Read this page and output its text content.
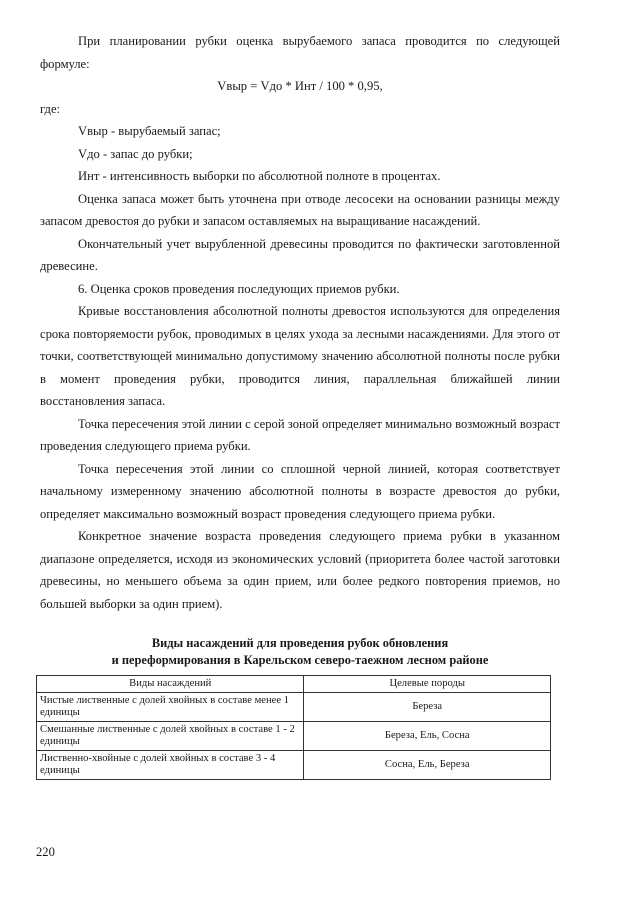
При планировании рубки оценка вырубаемого запаса проводится по следующей формуле:

Vвыр = Vдо * Инт / 100 * 0,95,

где:

Vвыр - вырубаемый запас;

Vдо - запас до рубки;

Инт - интенсивность выборки по абсолютной полноте в процентах.

Оценка запаса может быть уточнена при отводе лесосеки на основании разницы между запасом древостоя до рубки и запасом оставляемых на выращивание насаждений.

Окончательный учет вырубленной древесины проводится по фактически заготовленной древесине.

6. Оценка сроков проведения последующих приемов рубки.

Кривые восстановления абсолютной полноты древостоя используются для определения срока повторяемости рубок, проводимых в целях ухода за лесными насаждениями. Для этого от точки, соответствующей минимально допустимому значению абсолютной полноты после рубки в момент проведения рубки, проводится линия, параллельная ближайшей линии восстановления запаса.

Точка пересечения этой линии с серой зоной определяет минимально возможный возраст проведения следующего приема рубки.

Точка пересечения этой линии со сплошной черной линией, которая соответствует начальному измеренному значению абсолютной полноты в возрасте древостоя до рубки, определяет максимально возможный возраст проведения следующего приема рубки.

Конкретное значение возраста проведения следующего приема рубки в указанном диапазоне определяется, исходя из экономических условий (приоритета более частой заготовки древесины, но меньшего объема за один прием, или более редкого повторения приемов, но большей выборки за один прием).

Виды насаждений для проведения рубок обновления
и переформирования в Карельском северо-таежном лесном районе
Виды насаждений	Целевые породы
Чистые лиственные с долей хвойных в составе менее 1 единицы	Береза
Смешанные лиственные с долей хвойных в составе 1 - 2 единицы	Береза, Ель, Сосна
Лиственно-хвойные с долей хвойных в составе 3 - 4 единицы	Сосна, Ель, Береза
220
